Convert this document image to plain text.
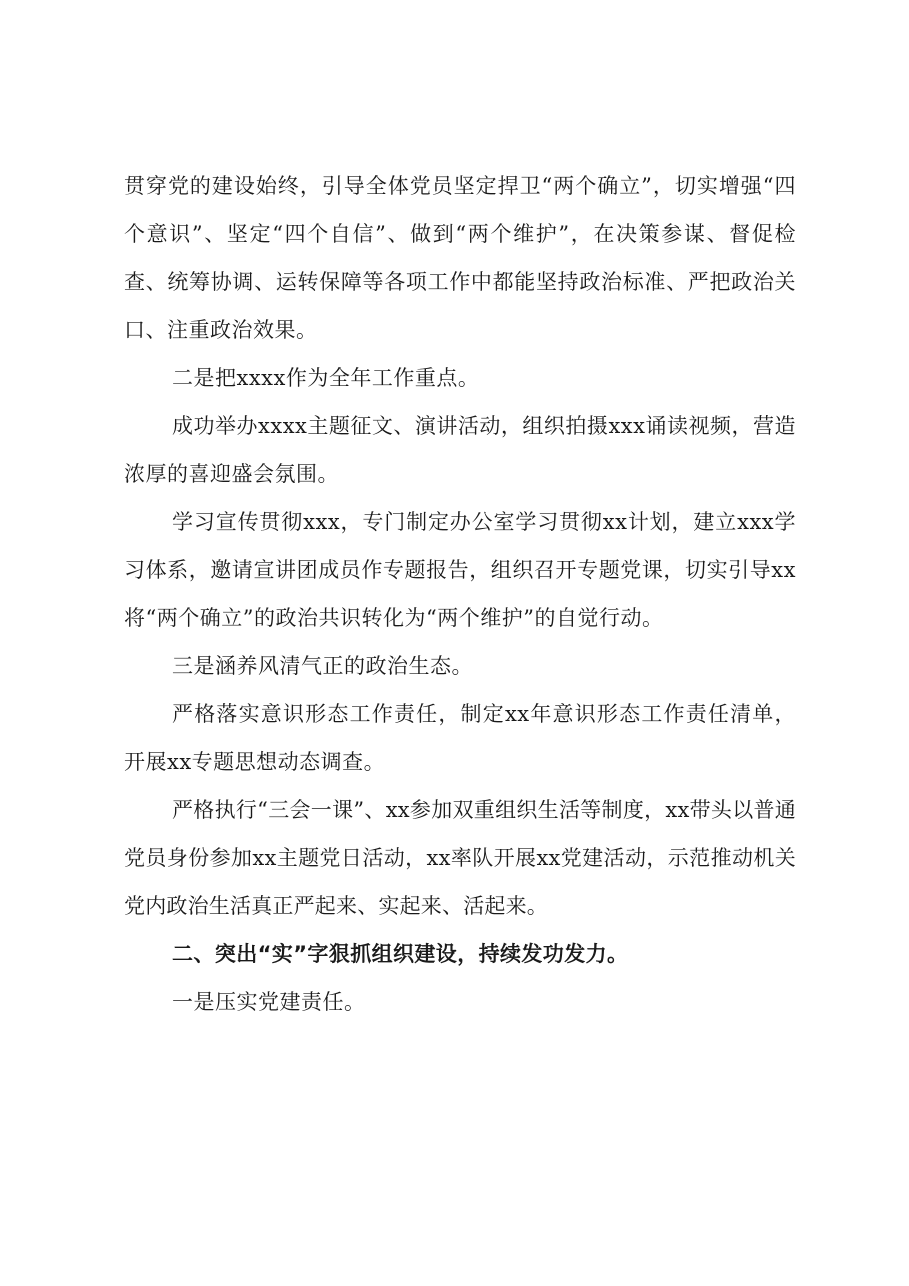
贯穿党的建设始终，引导全体党员坚定捍卫“两个确立”，切实增强“四个意识”、坚定“四个自信”、做到“两个维护”，在决策参谋、督促检查、统筹协调、运转保障等各项工作中都能坚持政治标准、严把政治关口、注重政治效果。

二是把xxxx作为全年工作重点。

成功举办xxxx主题征文、演讲活动，组织拍摄xxx诵读视频，营造浓厚的喜迎盛会氛围。

学习宣传贯彻xxx，专门制定办公室学习贯彻xx计划，建立xxx学习体系，邀请宣讲团成员作专题报告，组织召开专题党课，切实引导xx将“两个确立”的政治共识转化为“两个维护”的自觉行动。

三是涵养风清气正的政治生态。

严格落实意识形态工作责任，制定xx年意识形态工作责任清单，开展xx专题思想动态调查。

严格执行“三会一课”、xx参加双重组织生活等制度，xx带头以普通党员身份参加xx主题党日活动，xx率队开展xx党建活动，示范推动机关党内政治生活真正严起来、实起来、活起来。

二、突出“实”字狠抓组织建设，持续发功发力。

一是压实党建责任。
